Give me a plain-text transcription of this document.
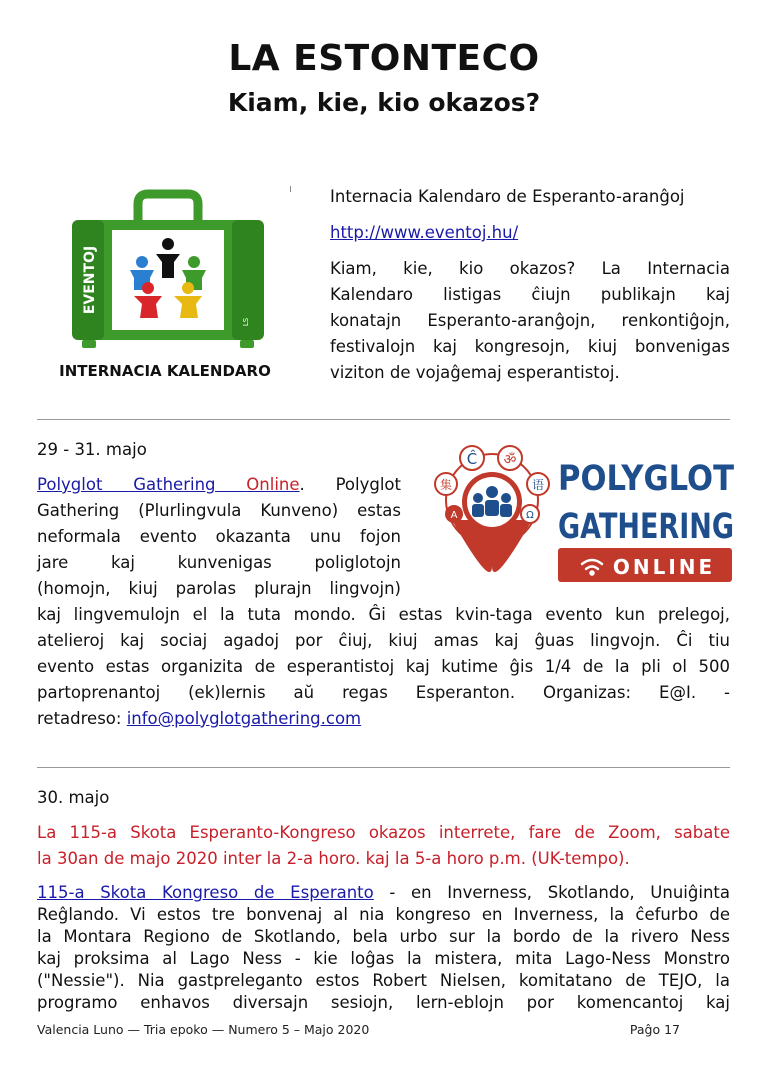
LA ESTONTECO
Kiam, kie, kio okazos?
EVENTOJ
LS
INTERNACIA KALENDARO

Internacia Kalendaro de Esperanto-aranĝoj

http://www.eventoj.hu/

Kiam, kie, kio okazos? La Internacia

Kalendaro listigas ĉiujn publikajn kaj

konatajn Esperanto-aranĝojn, renkontiĝojn,

festivalojn kaj kongresojn, kiuj bonvenigas

viziton de vojaĝemaj esperantistoj.

29 - 31. majo

Polyglot Gathering Online. Polyglot

Gathering (Plurlingvula Kunveno) estas

neformala evento okazanta unu fojon

jare kaj kunvenigas poliglotojn

(homojn, kiuj parolas plurajn lingvojn)

Ĉ ॐ
集	语
A	Ω
POLYGLOT
GATHERING
ONLINE

kaj lingvemulojn el la tuta mondo. Ĝi estas kvin-taga evento kun prelegoj,

atelieroj kaj sociaj agadoj por ĉiuj, kiuj amas kaj ĝuas lingvojn. Ĉi tiu

evento estas organizita de esperantistoj kaj kutime ĝis 1/4 de la pli ol 500

partoprenantoj (ek)lernis aŭ regas Esperanton. Organizas: E@I. -

retadreso: info@polyglotgathering.com

30. majo

La 115-a Skota Esperanto-Kongreso okazos interrete, fare de Zoom, sabate

la 30an de majo 2020 inter la 2-a horo. kaj la 5-a horo p.m. (UK-tempo).

115-a Skota Kongreso de Esperanto - en Inverness, Skotlando, Unuiĝinta

Reĝlando. Vi estos tre bonvenaj al nia kongreso en Inverness, la ĉefurbo de

la Montara Regiono de Skotlando, bela urbo sur la bordo de la rivero Ness

kaj proksima al Lago Ness - kie loĝas la mistera, mita Lago-Ness Monstro

("Nessie"). Nia gastpreleganto estos Robert Nielsen, komitatano de TEJO, la

programo enhavos diversajn sesiojn, lern-eblojn por komencantoj kaj

Valencia Luno — Tria epoko — Numero 5 – Majo 2020	Paĝo 17
